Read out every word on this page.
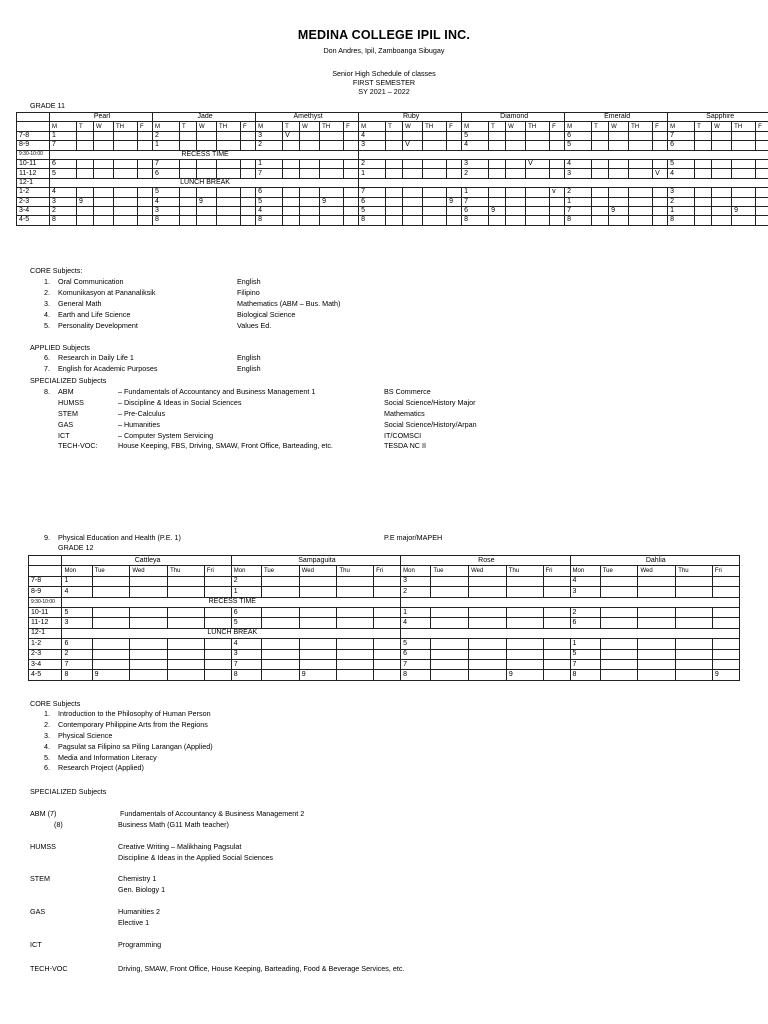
MEDINA COLLEGE IPIL INC.
Don Andres, Ipil, Zamboanga Sibugay
Senior High Schedule of classes
FIRST SEMESTER
SY 2021 – 2022
GRADE 11
	Pearl					Jade					Amethyst					Ruby					Diamond					Emerald					Sapphire				
	M	T	W	TH	F	M	T	W	TH	F	M	T	W	TH	F	M	T	W	TH	F	M	T	W	TH	F	M	T	W	TH	F	M	T	W	TH	F
7-8	1					2					3	V				4					5					6					7				
8-9	7					1					2					3		V			4					5					6				
9:30-10:00	RECESS TIME																																		
10-11	6					7					1					2					3			V		4					5				
11-12	5					6					7					1					2					3				V	4				
12-1	LUNCH BREAK																																		
1-2	4					5					6					7					1				v	2					3				
2-3	3	9				4		9			5			9		6				9	7					1					2				
3-4	2					3					4					5					6	9				7		9			1			9	
4-5	8					8					8					8					8					8					8				
CORE Subjects:
1. Oral Communication	English
2. Komunikasyon at Pananaliksik	Filipino
3. General Math	Mathematics (ABM – Bus. Math)
4. Earth and Life Science	Biological Science
5. Personality Development	Values Ed.
APPLIED Subjects
6. Research in Daily Life 1	English
7. English for Academic Purposes	English
SPECIALIZED Subjects
8. ABM	– Fundamentals of Accountancy and Business Management 1	BS Commerce
HUMSS	– Discipline & Ideas in Social Sciences	Social Science/History Major
STEM	– Pre-Calculus	Mathematics
GAS	– Humanities	Social Science/History/Arpan
ICT	– Computer System Servicing	IT/COMSCI
TECH-VOC:	House Keeping, FBS, Driving, SMAW, Front Office, Barteading, etc.	TESDA NC II
9. Physical Education and Health (P.E. 1)	P.E major/MAPEH
GRADE 12
	Cattleya					Sampaguita					Rose					Dahlia				
	Mon	Tue	Wed	Thu	Fri	Mon	Tue	Wed	Thu	Fri	Mon	Tue	Wed	Thu	Fri	Mon	Tue	Wed	Thu	Fri
7-8	1					2					3					4				
8-9	4					1					2					3				
9:30-10:00	RECESS TIME																			
10-11	5					6					1					2				
11-12	3					5					4					6				
12-1	LUNCH BREAK																			
1-2	6					4					5					1				
2-3	2					3					6					5				
3-4	7					7					7					7				
4-5	8	9				8		9			8			9		8				9
CORE Subjects
1. Introduction to the Philosophy of Human Person
2. Contemporary Philippine Arts from the Regions
3. Physical Science
4. Pagsulat sa Filipino sa Piling Larangan (Applied)
5. Media and Information Literacy
6. Research Project (Applied)
SPECIALIZED Subjects
ABM (7)	Fundamentals of Accountancy & Business Management 2
(8)	Business Math (G11 Math teacher)
HUMSS	Creative Writing – Malikhaing Pagsulat
Discipline & Ideas in the Applied Social Sciences
STEM	Chemistry 1
Gen. Biology 1
GAS	Humanities 2
Elective 1
ICT	Programming
TECH-VOC	Driving, SMAW, Front Office, House Keeping, Barteading, Food & Beverage Services, etc.
